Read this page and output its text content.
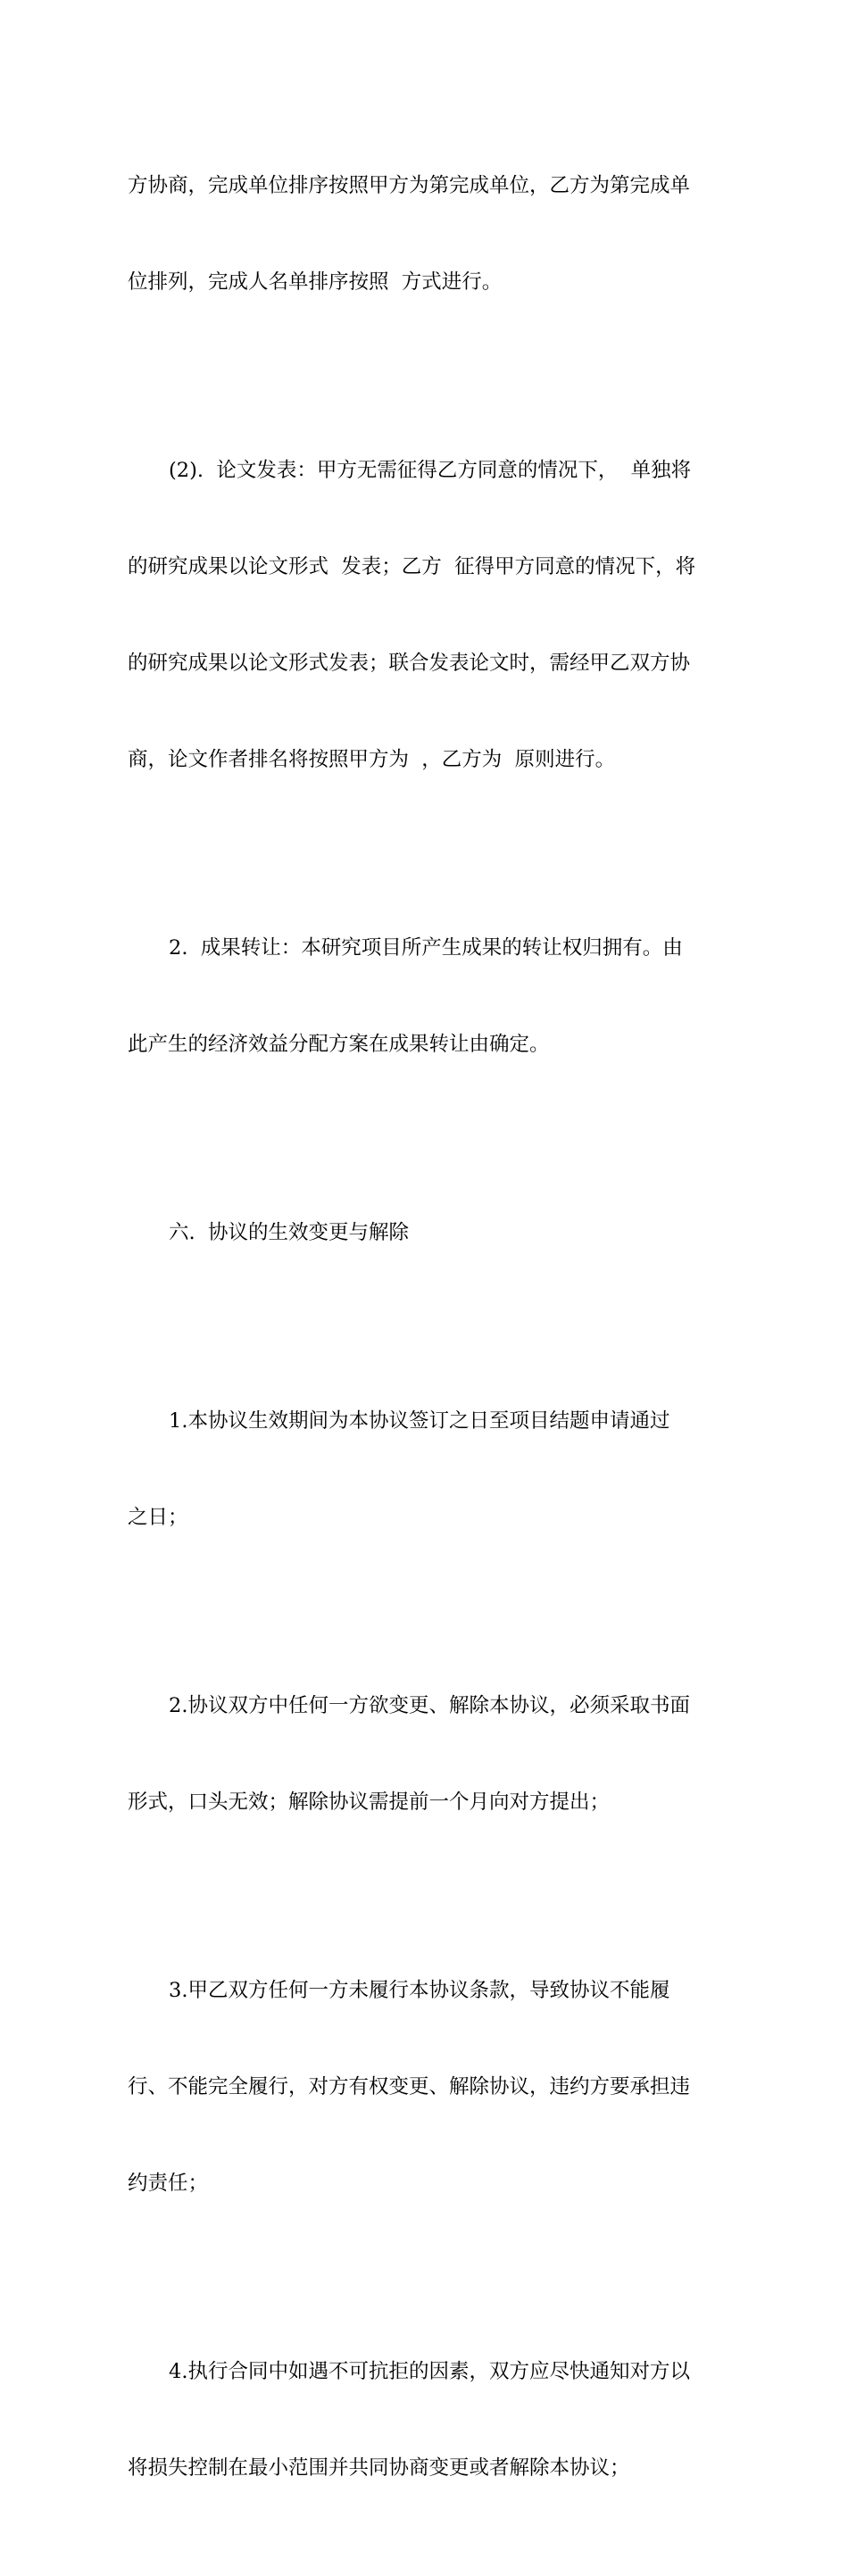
方协商，完成单位排序按照甲方为第完成单位，乙方为第完成单

位排列，完成人名单排序按照  方式进行。

(2).  论文发表：甲方无需征得乙方同意的情况下，  单独将

的研究成果以论文形式  发表；乙方  征得甲方同意的情况下，将

的研究成果以论文形式发表；联合发表论文时，需经甲乙双方协

商，论文作者排名将按照甲方为  ，乙方为  原则进行。

2.  成果转让：本研究项目所产生成果的转让权归拥有。由

此产生的经济效益分配方案在成果转让由确定。

六.  协议的生效变更与解除

1.本协议生效期间为本协议签订之日至项目结题申请通过

之日；

2.协议双方中任何一方欲变更、解除本协议，必须采取书面

形式，口头无效；解除协议需提前一个月向对方提出；

3.甲乙双方任何一方未履行本协议条款，导致协议不能履

行、不能完全履行，对方有权变更、解除协议，违约方要承担违

约责任；

4.执行合同中如遇不可抗拒的因素，双方应尽快通知对方以

将损失控制在最小范围并共同协商变更或者解除本协议；
